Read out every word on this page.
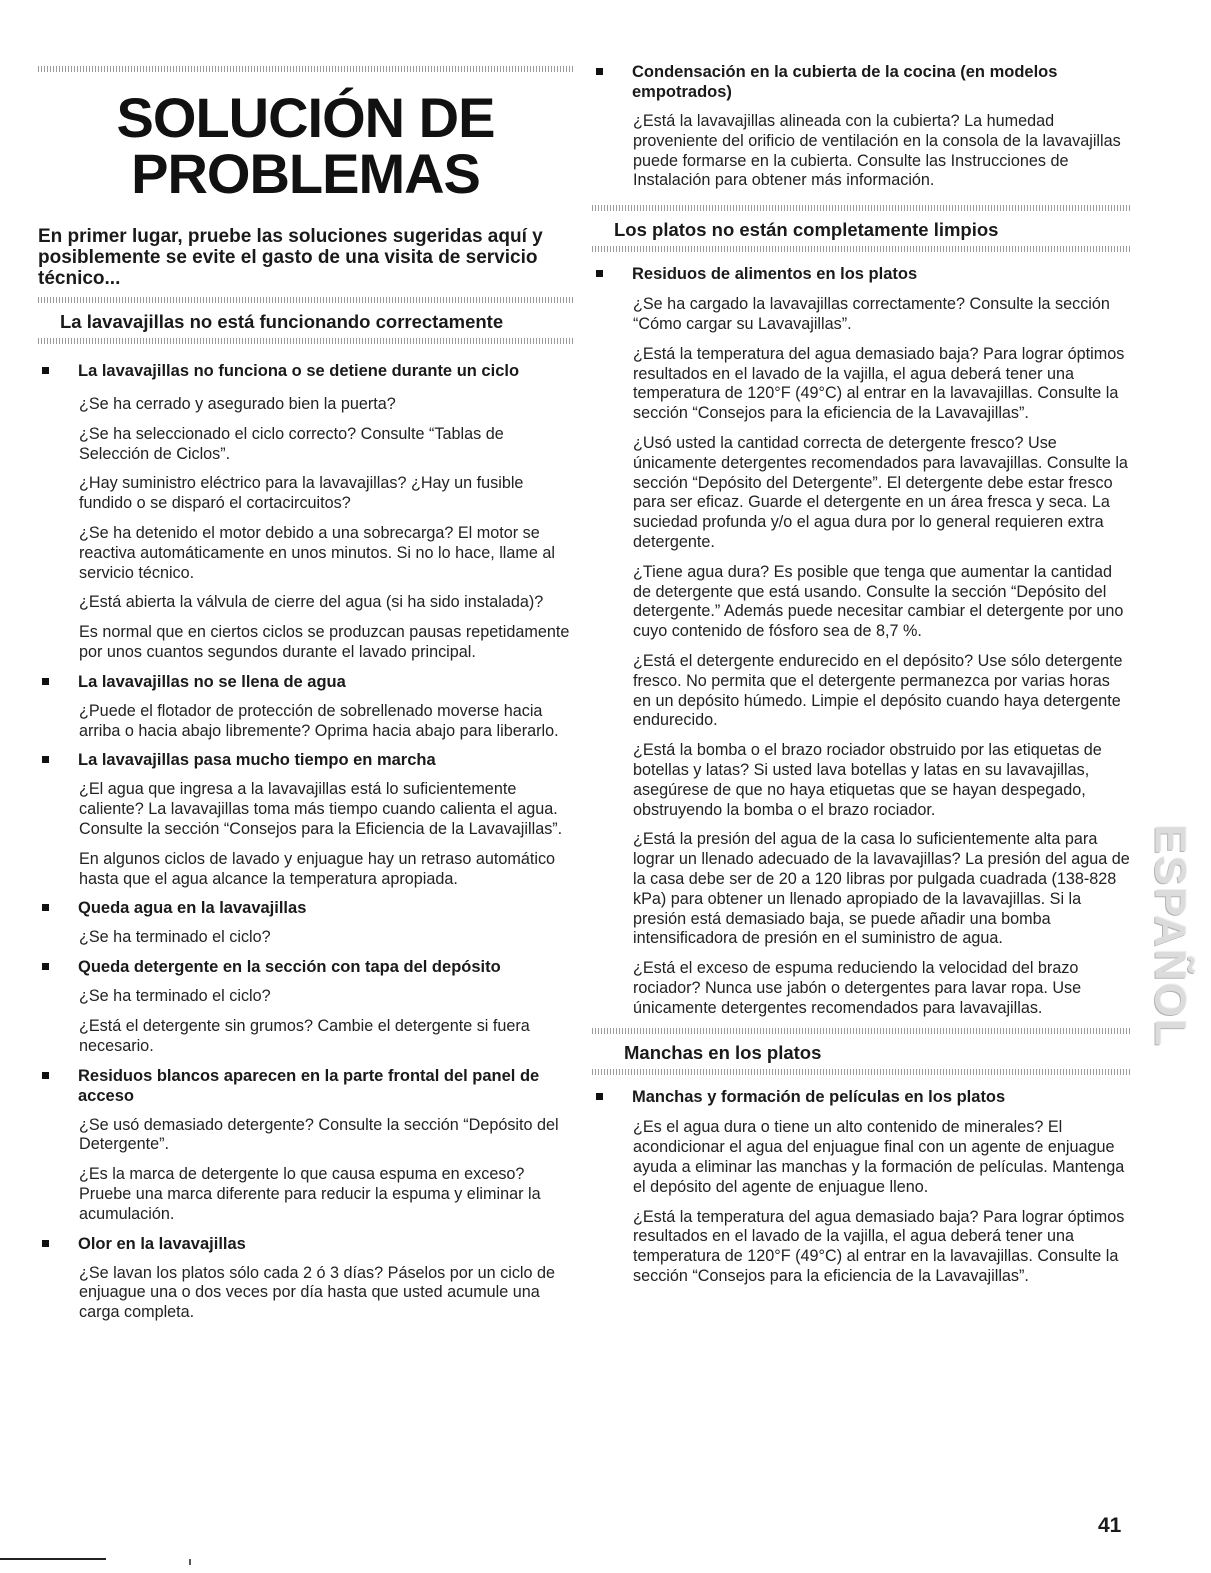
SOLUCIÓN DE
PROBLEMAS

En primer lugar, pruebe las soluciones sugeridas aquí y posiblemente se evite el gasto de una visita de servicio técnico...

La lavavajillas no está funcionando correctamente

La lavavajillas no funciona o se detiene durante un ciclo

¿Se ha cerrado y asegurado bien la puerta?

¿Se ha seleccionado el ciclo correcto? Consulte “Tablas de Selección de Ciclos”.

¿Hay suministro eléctrico para la lavavajillas? ¿Hay un fusible fundido o se disparó el cortacircuitos?

¿Se ha detenido el motor debido a una sobrecarga? El motor se reactiva automáticamente en unos minutos. Si no lo hace, llame al servicio técnico.

¿Está abierta la válvula de cierre del agua (si ha sido instalada)?

Es normal que en ciertos ciclos se produzcan pausas repetidamente por unos cuantos segundos durante el lavado principal.

La lavavajillas no se llena de agua

¿Puede el flotador de protección de sobrellenado moverse hacia arriba o hacia abajo libremente? Oprima hacia abajo para liberarlo.

La lavavajillas pasa mucho tiempo en marcha

¿El agua que ingresa a la lavavajillas está lo suficientemente caliente? La lavavajillas toma más tiempo cuando calienta el agua. Consulte la sección “Consejos para la Eficiencia de la Lavavajillas”.

En algunos ciclos de lavado y enjuague hay un retraso automático hasta que el agua alcance la temperatura apropiada.

Queda agua en la lavavajillas

¿Se ha terminado el ciclo?

Queda detergente en la sección con tapa del depósito

¿Se ha terminado el ciclo?

¿Está el detergente sin grumos? Cambie el detergente si fuera necesario.

Residuos blancos aparecen en la parte frontal del panel de acceso

¿Se usó demasiado detergente? Consulte la sección “Depósito del Detergente”.

¿Es la marca de detergente lo que causa espuma en exceso? Pruebe una marca diferente para reducir la espuma y eliminar la acumulación.

Olor en la lavavajillas

¿Se lavan los platos sólo cada 2 ó 3 días? Páselos por un ciclo de enjuague una o dos veces por día hasta que usted acumule una carga completa.

Condensación en la cubierta de la cocina (en modelos empotrados)

¿Está la lavavajillas alineada con la cubierta? La humedad proveniente del orificio de ventilación en la consola de la lavavajillas puede formarse en la cubierta. Consulte las Instrucciones de Instalación para obtener más información.

Los platos no están completamente limpios

Residuos de alimentos en los platos

¿Se ha cargado la lavavajillas correctamente? Consulte la sección “Cómo cargar su Lavavajillas”.

¿Está la temperatura del agua demasiado baja? Para lograr óptimos resultados en el lavado de la vajilla, el agua deberá tener una temperatura de 120°F (49°C) al entrar en la lavavajillas. Consulte la sección “Consejos para la eficiencia de la Lavavajillas”.

¿Usó usted la cantidad correcta de detergente fresco? Use únicamente detergentes recomendados para lavavajillas. Consulte la sección “Depósito del Detergente”. El detergente debe estar fresco para ser eficaz. Guarde el detergente en un área fresca y seca. La suciedad profunda y/o el agua dura por lo general requieren extra detergente.

¿Tiene agua dura? Es posible que tenga que aumentar la cantidad de detergente que está usando. Consulte la sección “Depósito del detergente.” Además puede necesitar cambiar el detergente por uno cuyo contenido de fósforo sea de 8,7 %.

¿Está el detergente endurecido en el depósito? Use sólo detergente fresco. No permita que el detergente permanezca por varias horas en un depósito húmedo. Limpie el depósito cuando haya detergente endurecido.

¿Está la bomba o el brazo rociador obstruido por las etiquetas de botellas y latas? Si usted lava botellas y latas en su lavavajillas, asegúrese de que no haya etiquetas que se hayan despegado, obstruyendo la bomba o el brazo rociador.

¿Está la presión del agua de la casa lo suficientemente alta para lograr un llenado adecuado de la lavavajillas? La presión del agua de la casa debe ser de 20 a 120 libras por pulgada cuadrada (138-828 kPa) para obtener un llenado apropiado de la lavavajillas. Si la presión está demasiado baja, se puede añadir una bomba intensificadora de presión en el suministro de agua.

¿Está el exceso de espuma reduciendo la velocidad del brazo rociador? Nunca use jabón o detergentes para lavar ropa. Use únicamente detergentes recomendados para lavavajillas.

Manchas en los platos

Manchas y formación de películas en los platos

¿Es el agua dura o tiene un alto contenido de minerales? El acondicionar el agua del enjuague final con un agente de enjuague ayuda a eliminar las manchas y la formación de películas. Mantenga el depósito del agente de enjuague lleno.

¿Está la temperatura del agua demasiado baja? Para lograr óptimos resultados en el lavado de la vajilla, el agua deberá tener una temperatura de 120°F (49°C) al entrar en la lavavajillas. Consulte la sección “Consejos para la eficiencia de la Lavavajillas”.

ESPAÑOL
41
